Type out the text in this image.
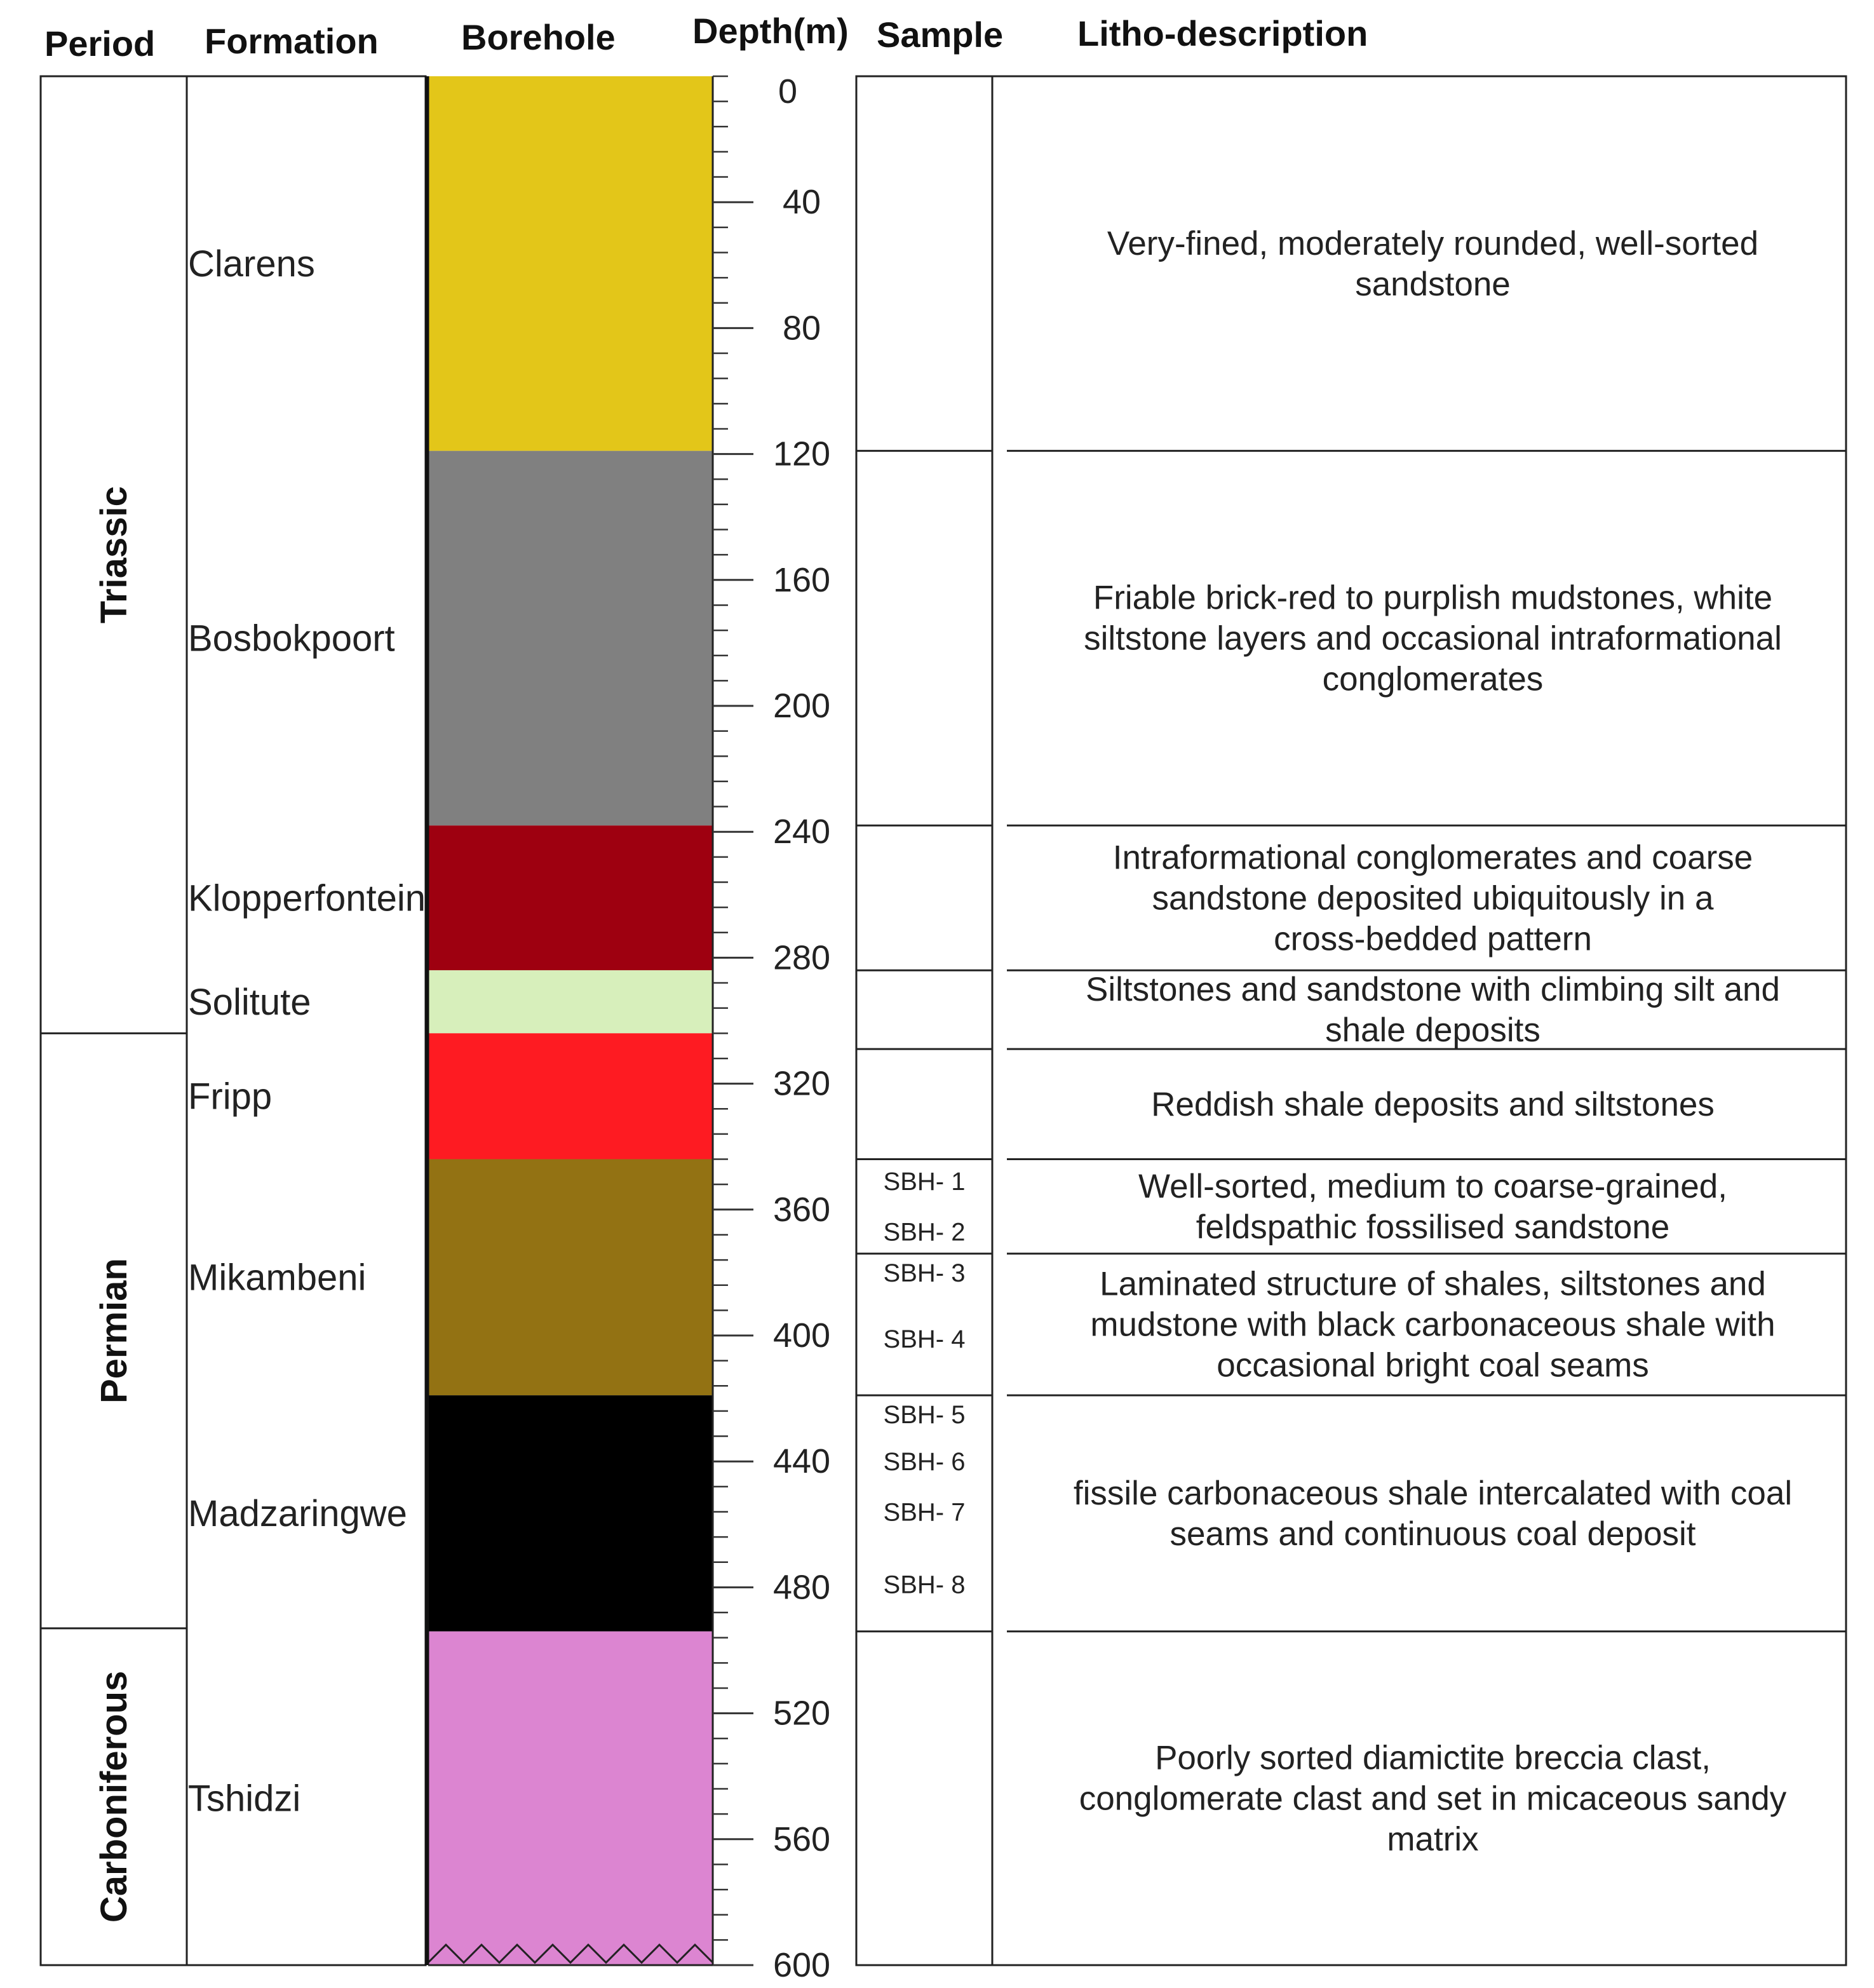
Period Formation Borehole Depth(m) Sample Litho-description
Triassic
Permian
Carboniferous
Clarens
Bosbokpoort
Klopperfontein
Solitute
Fripp
Mikambeni
Madzaringwe
Tshidzi
0
40
80
120
160
200
240
280
320
360
400
440
480
520
560
600
SBH- 1
SBH- 2
SBH- 3
SBH- 4
SBH- 5
SBH- 6
SBH- 7
SBH- 8
Very-fined, moderately rounded, well-sorted
sandstone
Friable brick-red to purplish mudstones, white
siltstone layers and occasional intraformational
conglomerates
Intraformational conglomerates and coarse
sandstone deposited ubiquitously in a
cross-bedded pattern
Siltstones and sandstone with climbing silt and
shale deposits
Reddish shale deposits and siltstones
Well-sorted, medium to coarse-grained,
feldspathic fossilised sandstone
Laminated structure of shales, siltstones and
mudstone with black carbonaceous shale with
occasional bright coal seams
fissile carbonaceous shale intercalated with coal
seams and continuous coal deposit
Poorly sorted diamictite breccia clast,
conglomerate clast and set in micaceous sandy
matrix
